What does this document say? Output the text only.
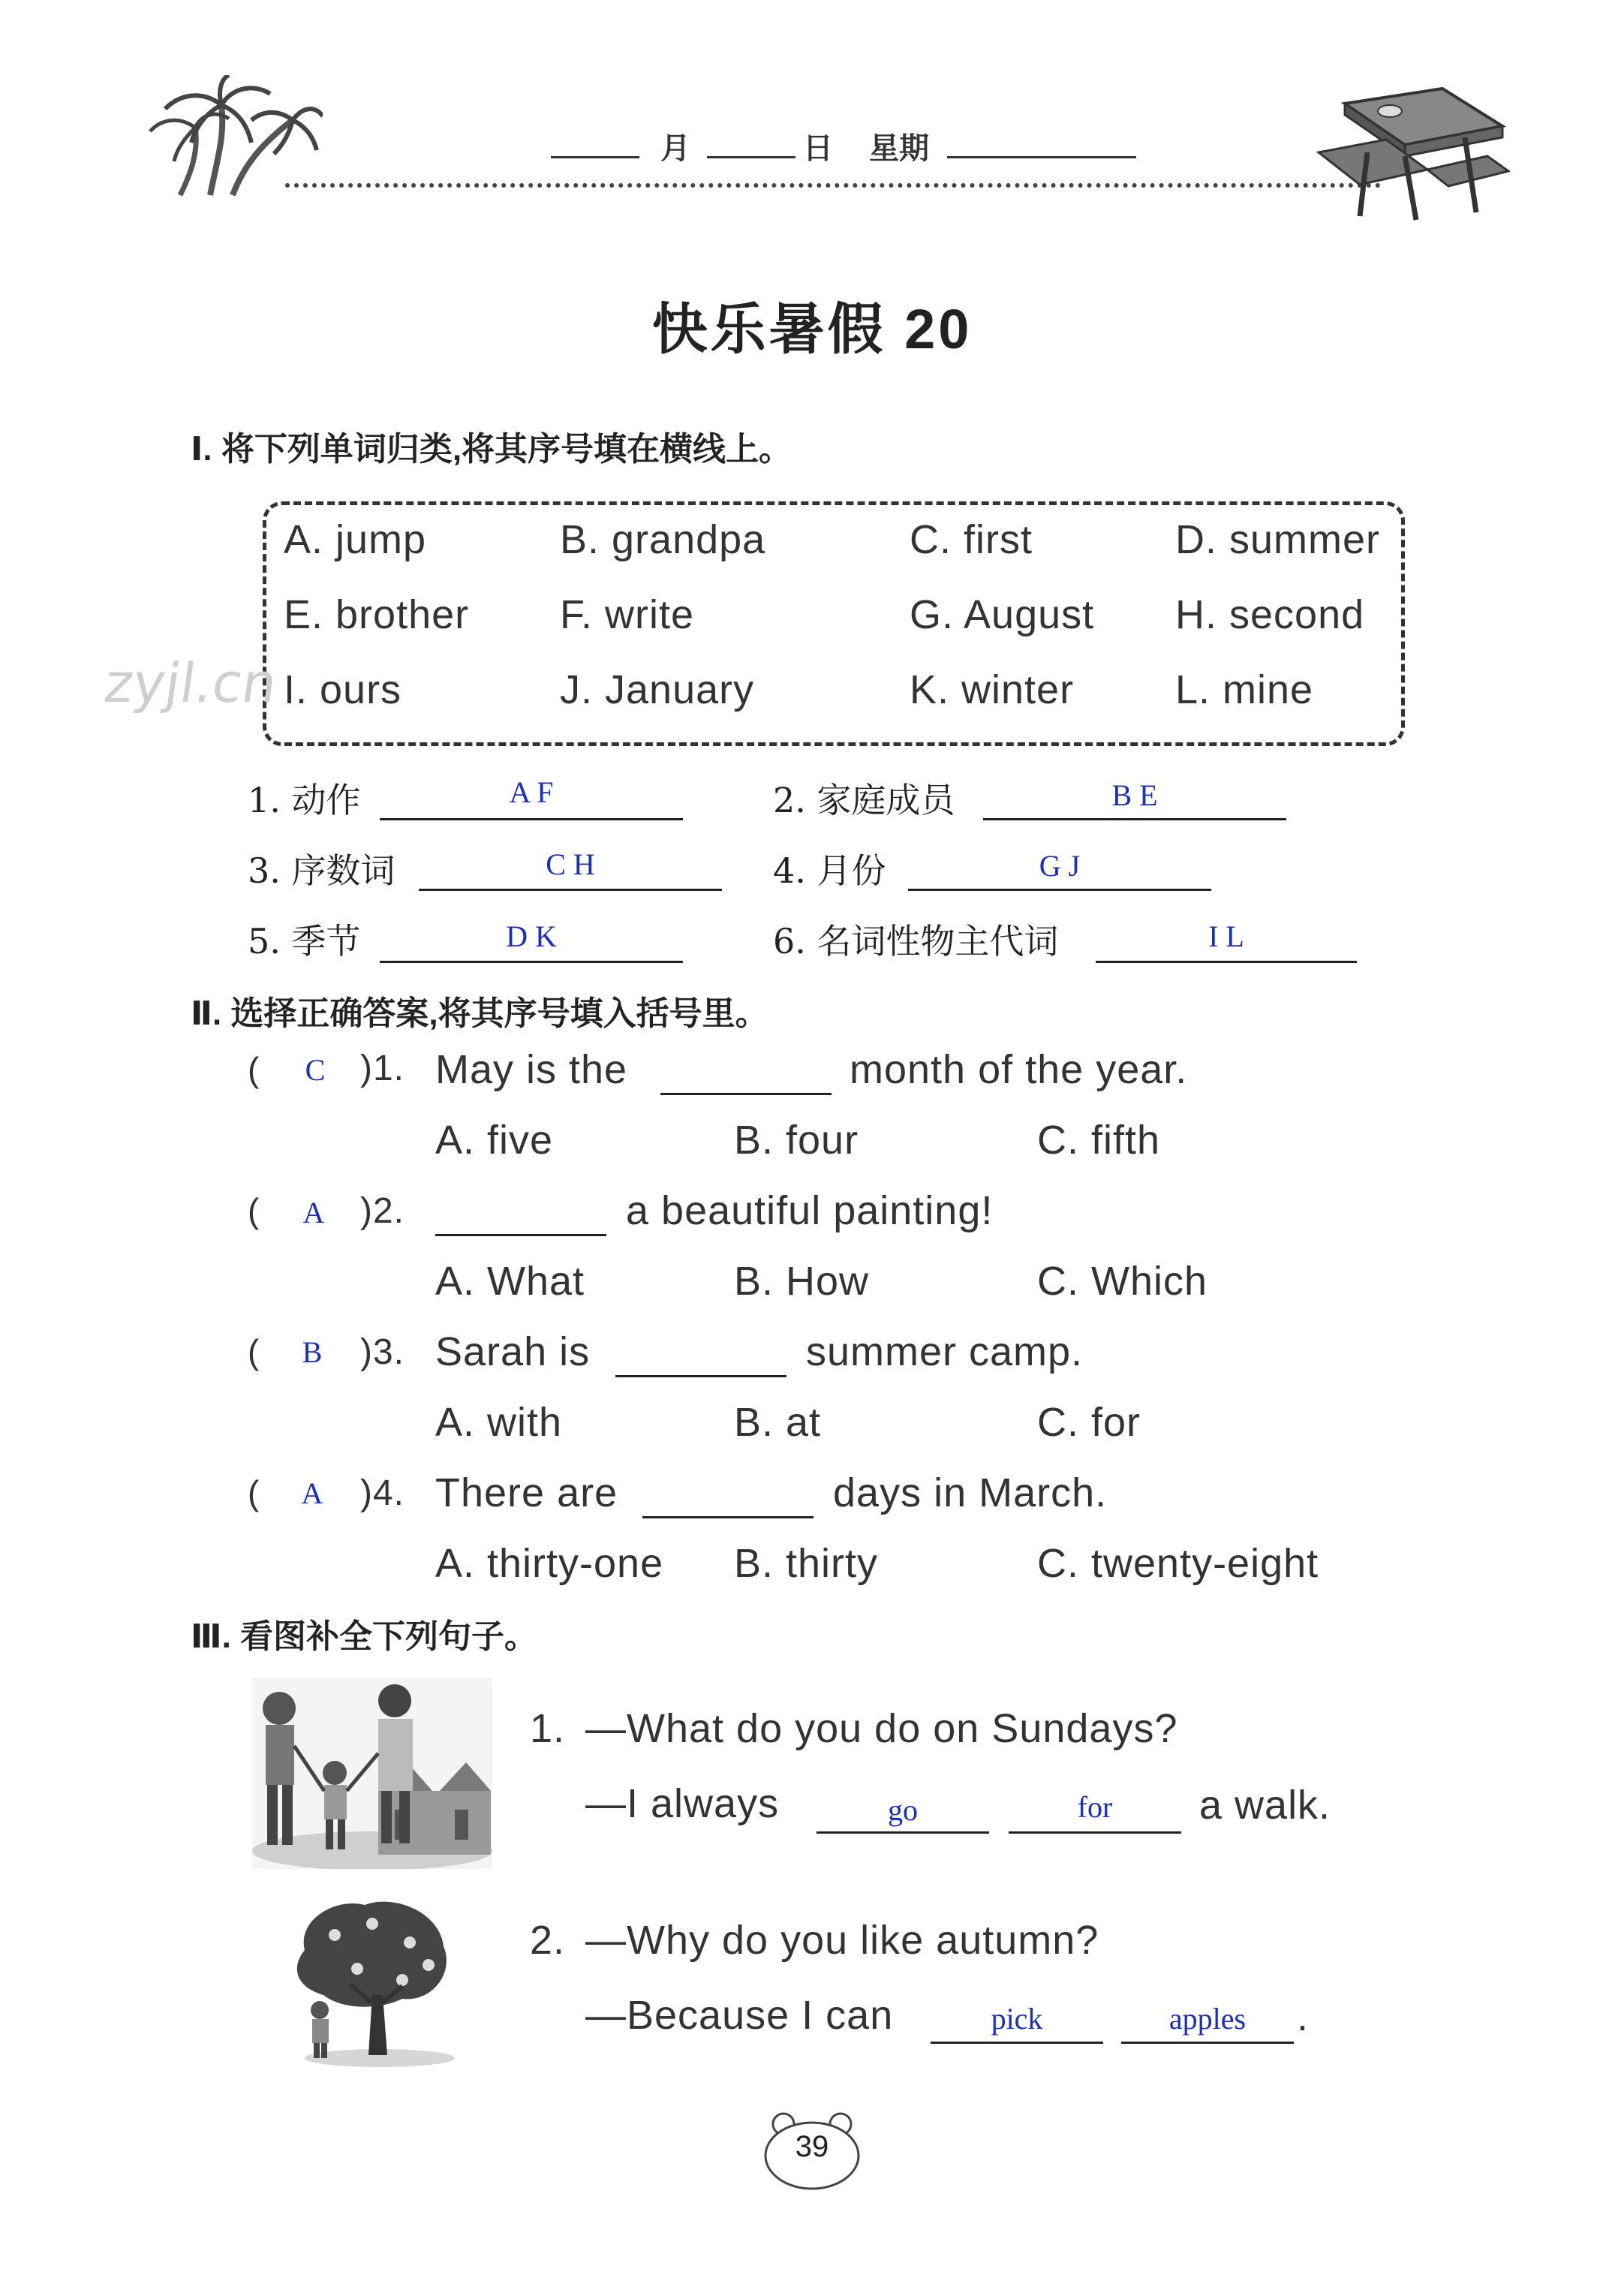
月	日 星期
快乐暑假 20
Ⅰ. 将下列单词归类,将其序号填在横线上。
A. jump	B. grandpa	C. first	D. summer
E. brother F. write	G. August H. second
I. ours	J. January	K. winter L. mine
zyjl.cn
1. 动作	A F	2. 家庭成员	B E
3. 序数词	C H	4. 月份	G J
5. 季节	D K	6. 名词性物主代词	I L
Ⅱ. 选择正确答案,将其序号填入括号里。
(	C )1. May is the	month of the year.
A. five	B. four	C. fifth
(	A )2.	a beautiful painting!
A. What	B. How	C. Which
(	B	)3. Sarah is	summer camp.
A. with	B. at	C. for
(	A	)4. There are	days in March.
A. thirty-one B. thirty	C. twenty-eight
Ⅲ. 看图补全下列句子。
1. —What do you do on Sundays?
—I always	go	for	a walk.
2. —Why do you like autumn?
—Because I can	pick	apples	.
39
